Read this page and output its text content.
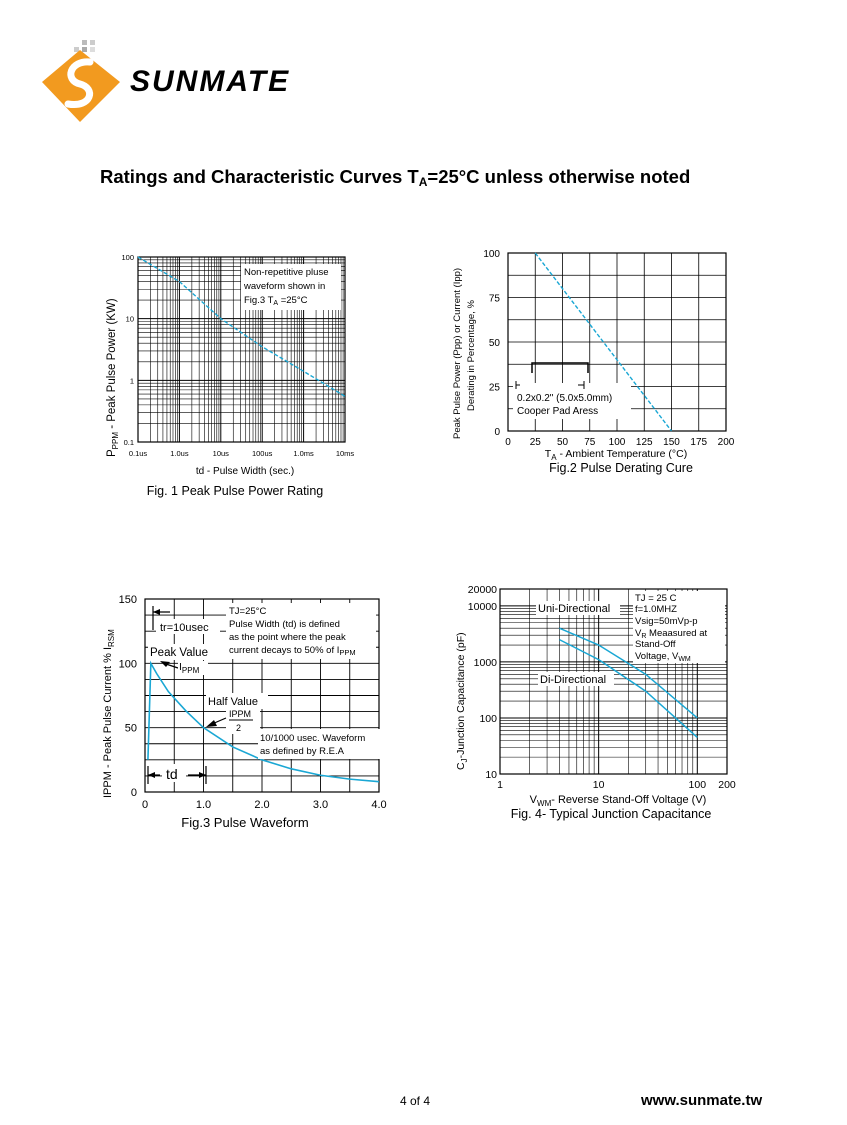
SUNMATE
Ratings and Characteristic Curves $T_A=25^\circ C$ unless otherwise noted
0.1us	1.0us	10us	100us	1.0ms	10ms
0.1
1
10
100
Non-repetitive pluse
waveform shown in
Fig.3 $T_A =25^\circ C$
$P_{PPM}$ - Peak Pulse Power (KW)
td - Pulse Width (sec.)
Fig. 1 Peak Pulse Power Rating
0 25 50 75 100 125 150 175 200
0
25
50
75
100
0.2x0.2" (5.0x5.0mm)
Cooper Pad Aress
Peak Pulse Power (Ppp) or Current (Ipp) Derating in Percentage, %
$T_A$ - Ambient Temperature (°C)
Fig.2 Pulse Derating Cure
0	1.0	2.0	3.0	4.0
0
50
100
150
tr=10usec
Peak Value
$I_{PPM}$
Half Value
IPPM
2
td
TJ=25°C
Pulse Width (td) is defined
as the point where the peak
current decays to 50% of $I_{PPM}$
10/1000 usec. Waveform
as defined by R.E.A
IPPM - Peak Pulse Current % $I_{RSM}$
Fig.3 Pulse Waveform
1	10	100 200
10
100
1000
10000
20000
Uni-Directional
Di-Directional
TJ = 25 C
f=1.0MHZ
Vsig=50mVp-p
$V_R$ Meaasured at
Stand-Off
Voltage, $V_{WM}$
$C_J$-Junction Capacitance (pF)
$V_{WM}-$ Reverse Stand-Off Voltage (V)
Fig. 4- Typical Junction Capacitance
4 of 4	www.sunmate.tw
